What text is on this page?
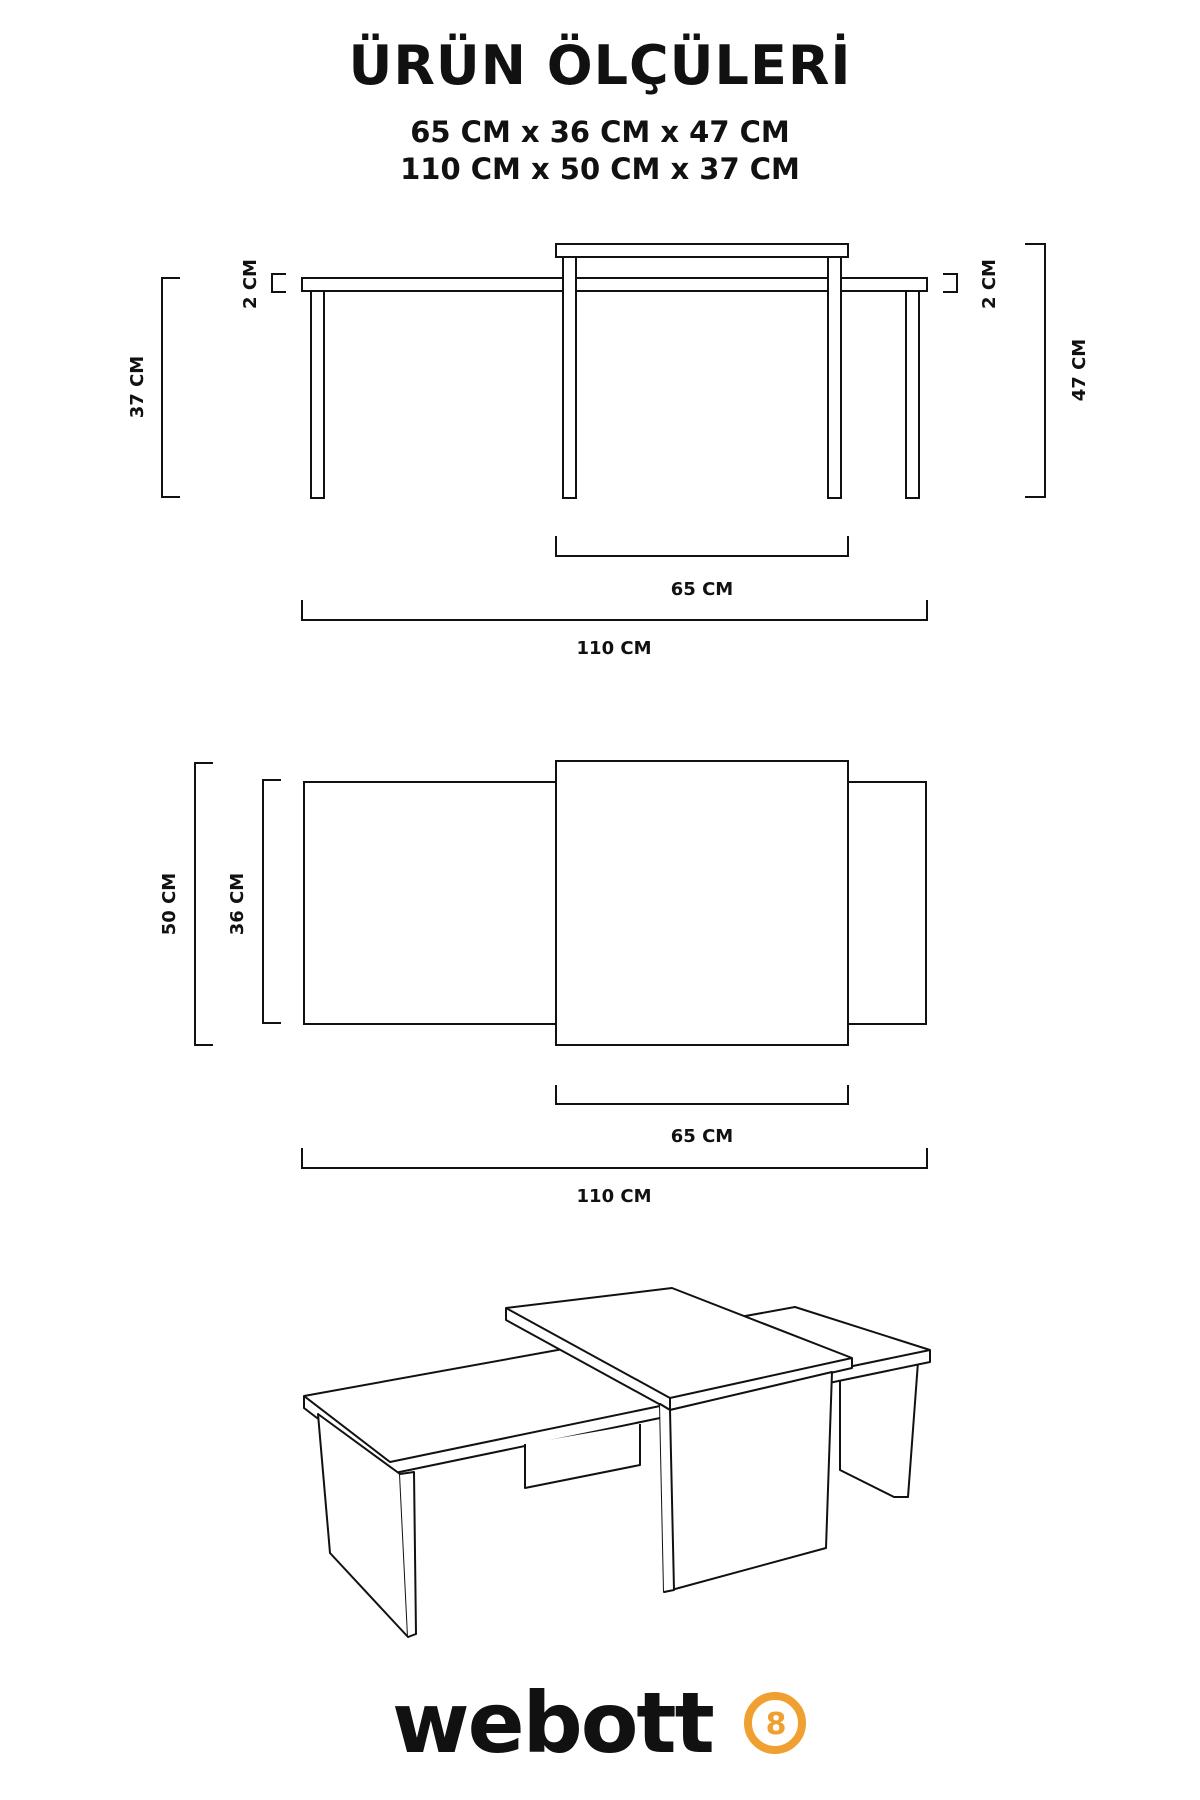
ÜRÜN ÖLÇÜLERİ
65 CM x 36 CM x 47 CM
110 CM x 50 CM x 37 CM
2 CM	2 CM
37 CM	47 CM
65 CM
110 CM
50 CM	36 CM
65 CM
110 CM
webott 8
